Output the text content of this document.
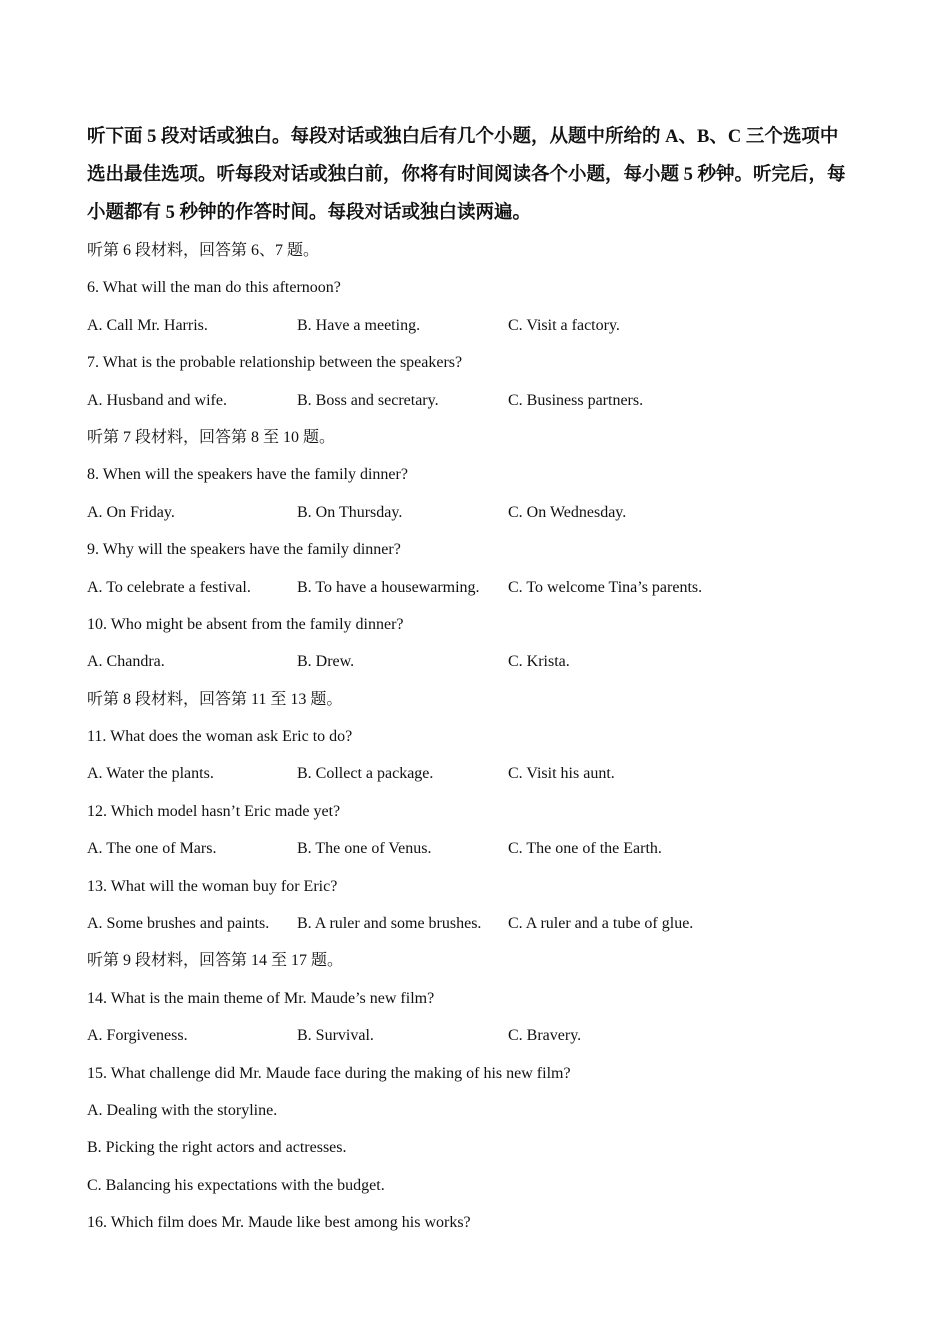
听下面 5 段对话或独白。每段对话或独白后有几个小题，从题中所给的 A、B、C 三个选项中
选出最佳选项。听每段对话或独白前，你将有时间阅读各个小题，每小题 5 秒钟。听完后，每
小题都有 5 秒钟的作答时间。每段对话或独白读两遍。
听第 6 段材料，回答第 6、7 题。
6. What will the man do this afternoon?
A. Call Mr. Harris.	B. Have a meeting.	C. Visit a factory.
7. What is the probable relationship between the speakers?
A. Husband and wife.	B. Boss and secretary.	C. Business partners.
听第 7 段材料，回答第 8 至 10 题。
8. When will the speakers have the family dinner?
A. On Friday.	B. On Thursday.	C. On Wednesday.
9. Why will the speakers have the family dinner?
A. To celebrate a festival.	B. To have a housewarming.	C. To welcome Tina’s parents.
10. Who might be absent from the family dinner?
A. Chandra.	B. Drew.	C. Krista.
听第 8 段材料，回答第 11 至 13 题。
11. What does the woman ask Eric to do?
A. Water the plants.	B. Collect a package.	C. Visit his aunt.
12. Which model hasn’t Eric made yet?
A. The one of Mars.	B. The one of Venus.	C. The one of the Earth.
13. What will the woman buy for Eric?
A. Some brushes and paints.	B. A ruler and some brushes.	C. A ruler and a tube of glue.
听第 9 段材料，回答第 14 至 17 题。
14. What is the main theme of Mr. Maude’s new film?
A. Forgiveness.	B. Survival.	C. Bravery.
15. What challenge did Mr. Maude face during the making of his new film?
A. Dealing with the storyline.
B. Picking the right actors and actresses.
C. Balancing his expectations with the budget.
16. Which film does Mr. Maude like best among his works?
